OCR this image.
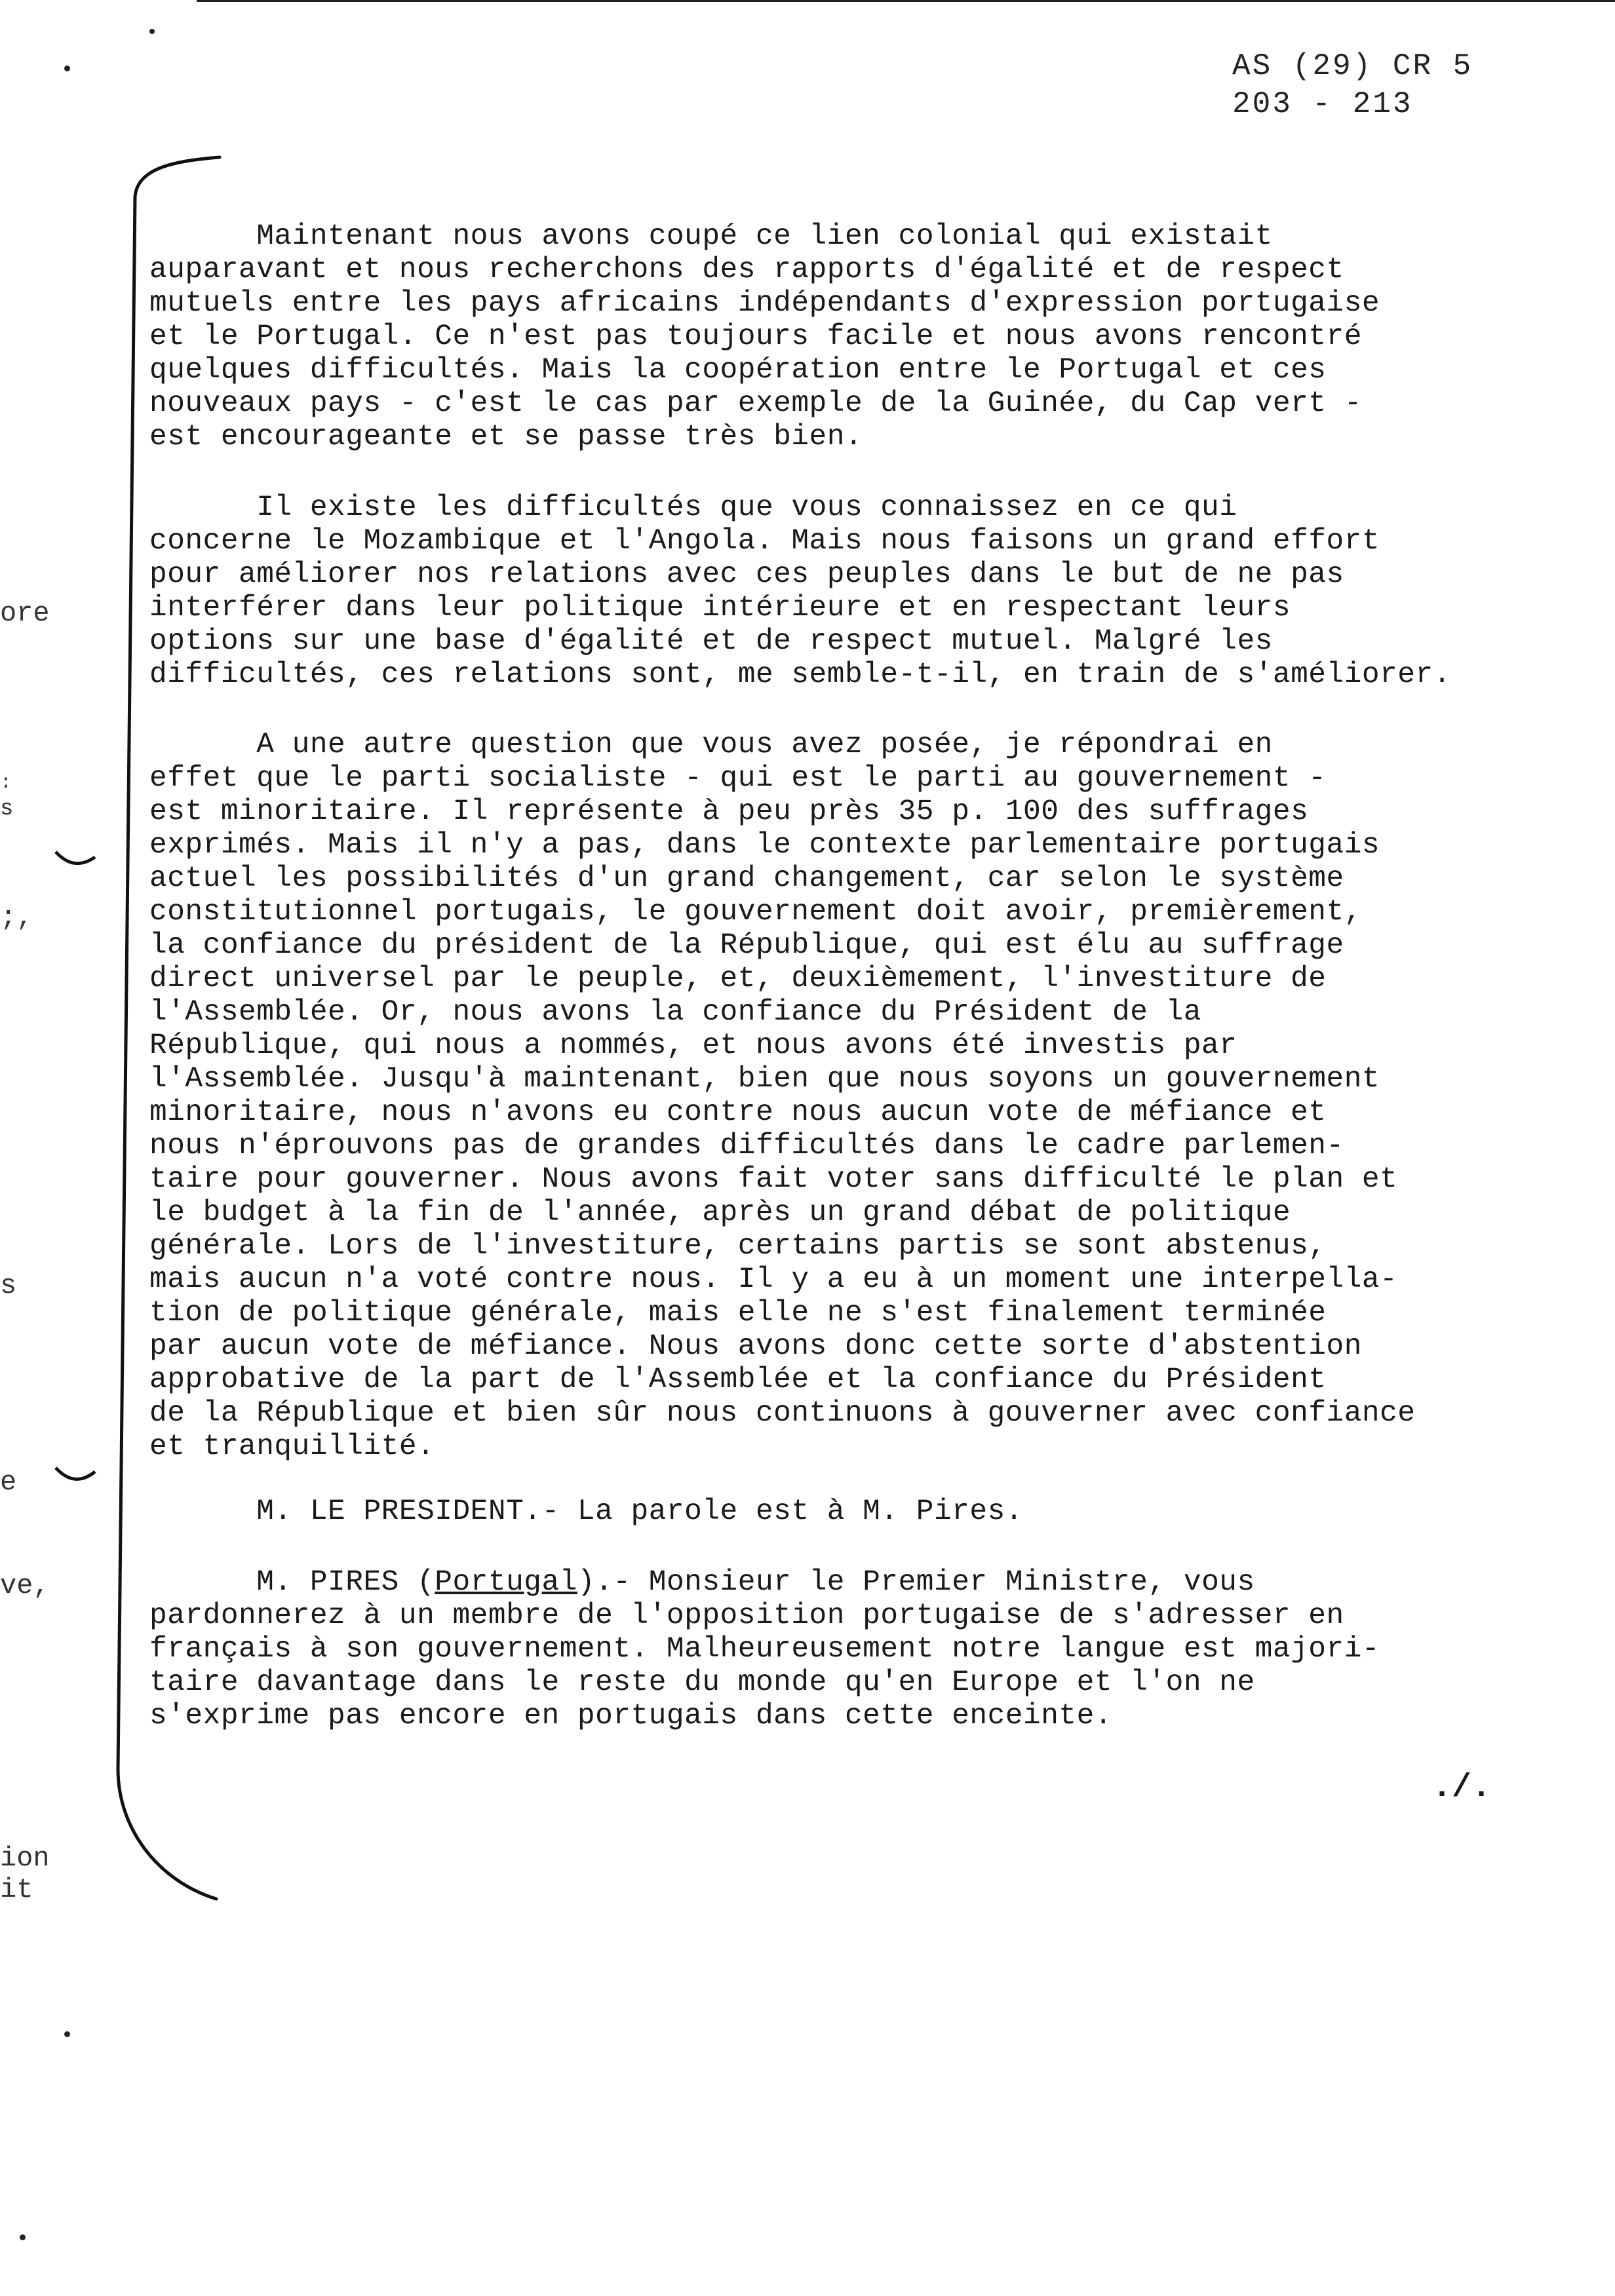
AS (29) CR 5
203 - 213
ore
s
:
;,
s
e
ve,
ion
it
Maintenant nous avons coupé ce lien colonial qui existait
auparavant et nous recherchons des rapports d'égalité et de respect
mutuels entre les pays africains indépendants d'expression portugaise
et le Portugal. Ce n'est pas toujours facile et nous avons rencontré
quelques difficultés. Mais la coopération entre le Portugal et ces
nouveaux pays - c'est le cas par exemple de la Guinée, du Cap vert -
est encourageante et se passe très bien.
Il existe les difficultés que vous connaissez en ce qui
concerne le Mozambique et l'Angola. Mais nous faisons un grand effort
pour améliorer nos relations avec ces peuples dans le but de ne pas
interférer dans leur politique intérieure et en respectant leurs
options sur une base d'égalité et de respect mutuel. Malgré les
difficultés, ces relations sont, me semble-t-il, en train de s'améliorer.
A une autre question que vous avez posée, je répondrai en
effet que le parti socialiste - qui est le parti au gouvernement -
est minoritaire. Il représente à peu près 35 p. 100 des suffrages
exprimés. Mais il n'y a pas, dans le contexte parlementaire portugais
actuel les possibilités d'un grand changement, car selon le système
constitutionnel portugais, le gouvernement doit avoir, premièrement,
la confiance du président de la République, qui est élu au suffrage
direct universel par le peuple, et, deuxièmement, l'investiture de
l'Assemblée. Or, nous avons la confiance du Président de la
République, qui nous a nommés, et nous avons été investis par
l'Assemblée. Jusqu'à maintenant, bien que nous soyons un gouvernement
minoritaire, nous n'avons eu contre nous aucun vote de méfiance et
nous n'éprouvons pas de grandes difficultés dans le cadre parlemen-
taire pour gouverner. Nous avons fait voter sans difficulté le plan et
le budget à la fin de l'année, après un grand débat de politique
générale. Lors de l'investiture, certains partis se sont abstenus,
mais aucun n'a voté contre nous. Il y a eu à un moment une interpella-
tion de politique générale, mais elle ne s'est finalement terminée
par aucun vote de méfiance. Nous avons donc cette sorte d'abstention
approbative de la part de l'Assemblée et la confiance du Président
de la République et bien sûr nous continuons à gouverner avec confiance
et tranquillité.
M. LE PRESIDENT.- La parole est à M. Pires.
M. PIRES (Portugal).- Monsieur le Premier Ministre, vous
pardonnerez à un membre de l'opposition portugaise de s'adresser en
français à son gouvernement. Malheureusement notre langue est majori-
taire davantage dans le reste du monde qu'en Europe et l'on ne
s'exprime pas encore en portugais dans cette enceinte.
./.
